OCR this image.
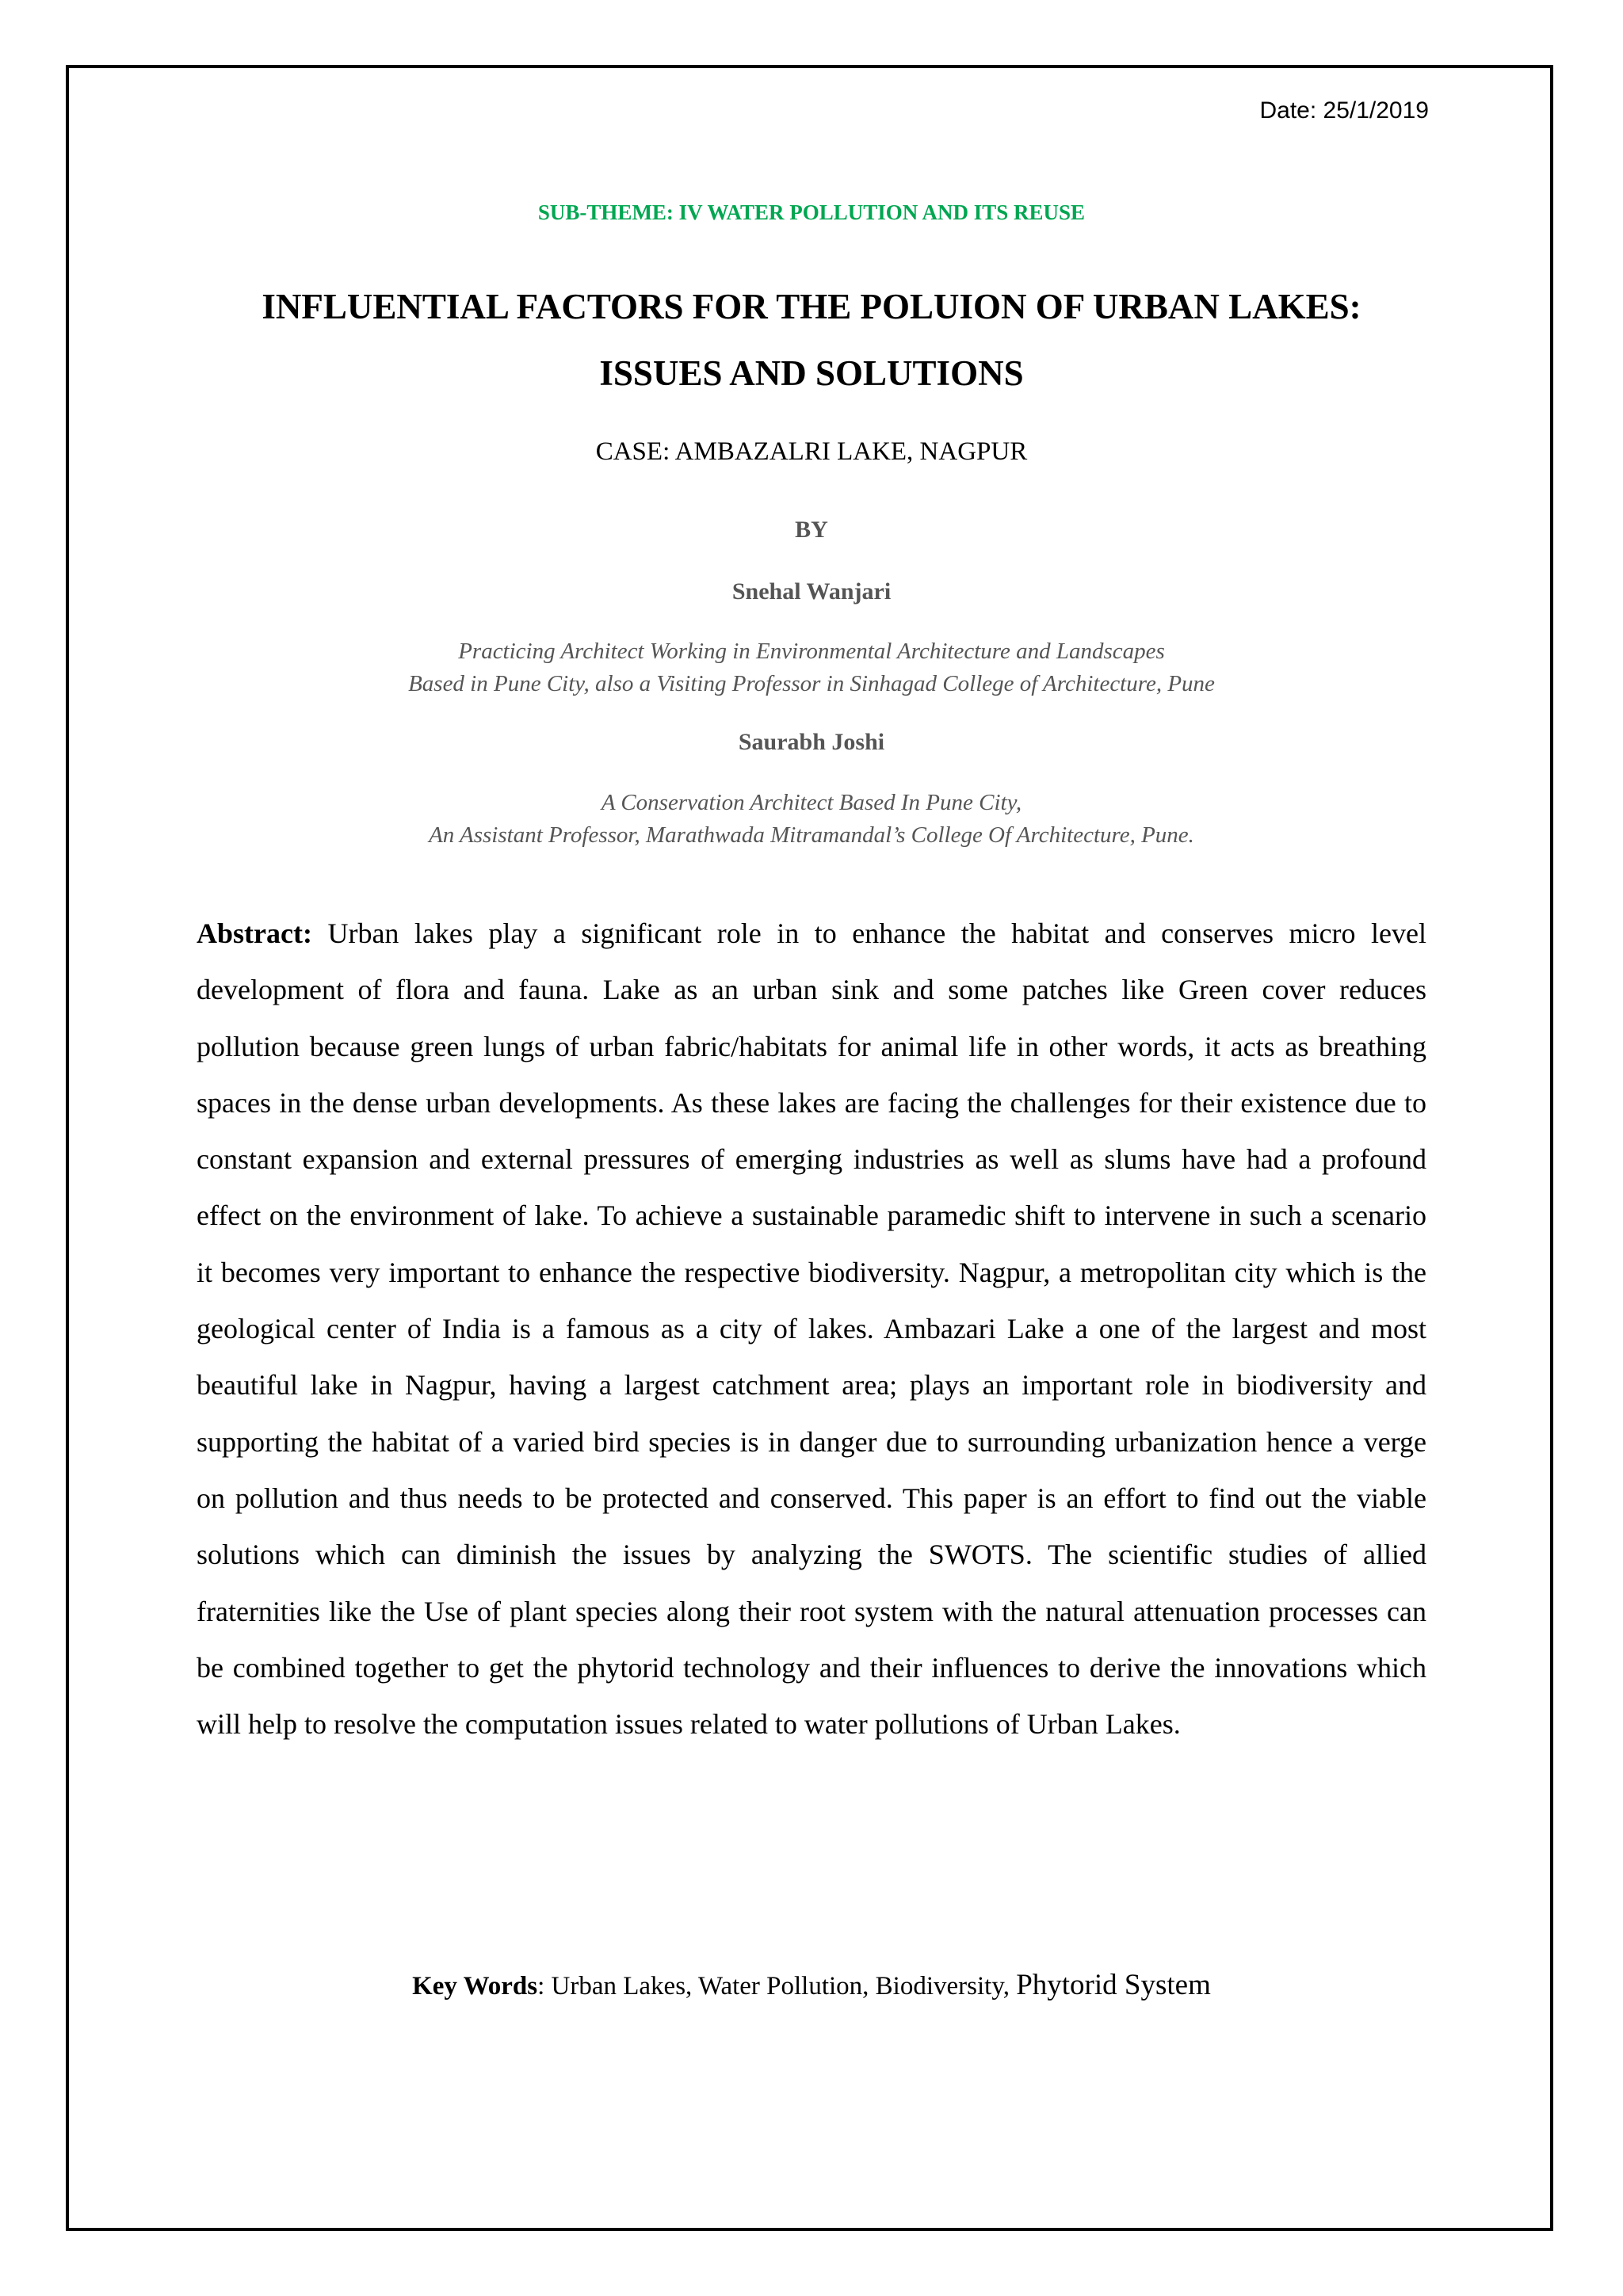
Date: 25/1/2019
SUB-THEME: IV WATER POLLUTION AND ITS REUSE
INFLUENTIAL FACTORS FOR THE POLUION OF URBAN LAKES:
ISSUES AND SOLUTIONS
CASE: AMBAZALRI LAKE, NAGPUR
BY
Snehal Wanjari
Practicing Architect Working in Environmental Architecture and Landscapes
Based in Pune City, also a Visiting Professor in Sinhagad College of Architecture, Pune
Saurabh Joshi
A Conservation Architect Based In Pune City,
An Assistant Professor, Marathwada Mitramandal’s College Of Architecture, Pune.
Abstract: Urban lakes play a significant role in to enhance the habitat and conserves micro level development of flora and fauna. Lake as an urban sink and some patches like Green cover reduces pollution because green lungs of urban fabric/habitats for animal life in other words, it acts as breathing spaces in the dense urban developments. As these lakes are facing the challenges for their existence due to constant expansion and external pressures of emerging industries as well as slums have had a profound effect on the environment of lake. To achieve a sustainable paramedic shift to intervene in such a scenario it becomes very important to enhance the respective biodiversity. Nagpur, a metropolitan city which is the geological center of India is a famous as a city of lakes. Ambazari Lake a one of the largest and most beautiful lake in Nagpur, having a largest catchment area; plays an important role in biodiversity and supporting the habitat of a varied bird species is in danger due to surrounding urbanization hence a verge on pollution and thus needs to be protected and conserved. This paper is an effort to find out the viable solutions which can diminish the issues by analyzing the SWOTS. The scientific studies of allied fraternities like the Use of plant species along their root system with the natural attenuation processes can be combined together to get the phytorid technology and their influences to derive the innovations which will help to resolve the computation issues related to water pollutions of Urban Lakes.
Key Words: Urban Lakes, Water Pollution, Biodiversity, Phytorid System
